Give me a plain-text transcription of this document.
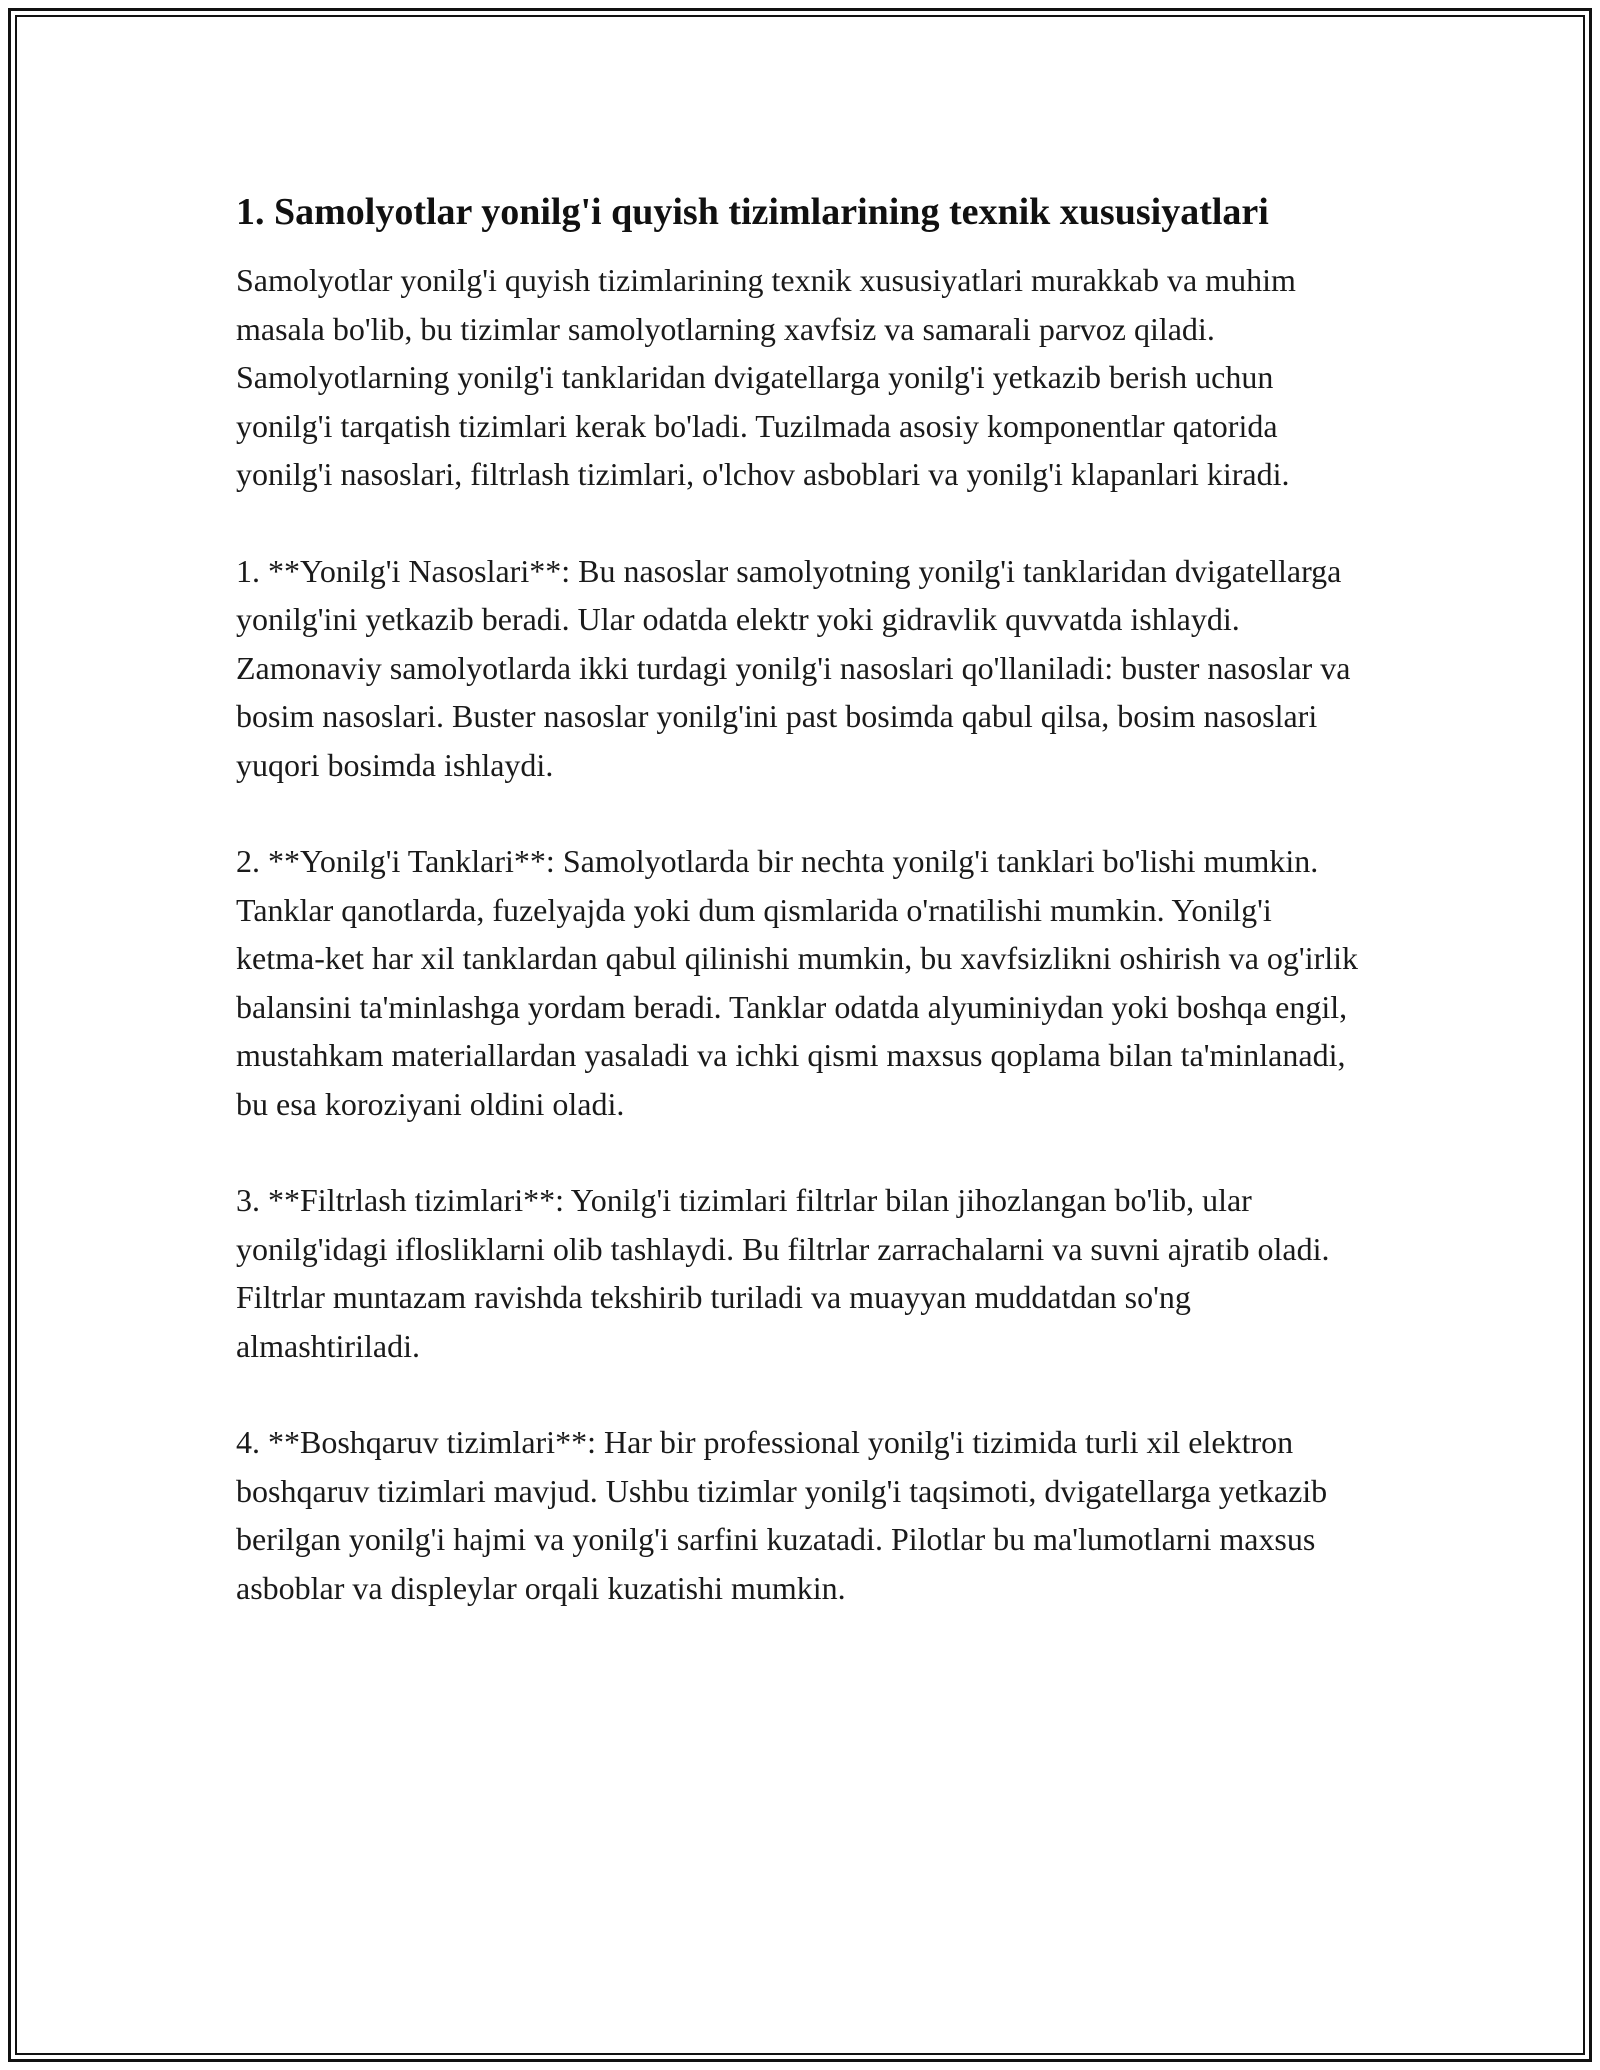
1. Samolyotlar yonilg'i quyish tizimlarining texnik xususiyatlari

Samolyotlar yonilg'i quyish tizimlarining texnik xususiyatlari murakkab va muhim masala bo'lib, bu tizimlar samolyotlarning xavfsiz va samarali parvoz qiladi. Samolyotlarning yonilg'i tanklaridan dvigatellarga yonilg'i yetkazib berish uchun yonilg'i tarqatish tizimlari kerak bo'ladi. Tuzilmada asosiy komponentlar qatorida yonilg'i nasoslari, filtrlash tizimlari, o'lchov asboblari va yonilg'i klapanlari kiradi.

1. **Yonilg'i Nasoslari**: Bu nasoslar samolyotning yonilg'i tanklaridan dvigatellarga yonilg'ini yetkazib beradi. Ular odatda elektr yoki gidravlik quvvatda ishlaydi. Zamonaviy samolyotlarda ikki turdagi yonilg'i nasoslari qo'llaniladi: buster nasoslar va bosim nasoslari. Buster nasoslar yonilg'ini past bosimda qabul qilsa, bosim nasoslari yuqori bosimda ishlaydi.

2. **Yonilg'i Tanklari**: Samolyotlarda bir nechta yonilg'i tanklari bo'lishi mumkin. Tanklar qanotlarda, fuzelyajda yoki dum qismlarida o'rnatilishi mumkin. Yonilg'i ketma-ket har xil tanklardan qabul qilinishi mumkin, bu xavfsizlikni oshirish va og'irlik balansini ta'minlashga yordam beradi. Tanklar odatda alyuminiydan yoki boshqa engil, mustahkam materiallardan yasaladi va ichki qismi maxsus qoplama bilan ta'minlanadi, bu esa koroziyani oldini oladi.

3. **Filtrlash tizimlari**: Yonilg'i tizimlari filtrlar bilan jihozlangan bo'lib, ular yonilg'idagi iflosliklarni olib tashlaydi. Bu filtrlar zarrachalarni va suvni ajratib oladi. Filtrlar muntazam ravishda tekshirib turiladi va muayyan muddatdan so'ng almashtiriladi.

4. **Boshqaruv tizimlari**: Har bir professional yonilg'i tizimida turli xil elektron boshqaruv tizimlari mavjud. Ushbu tizimlar yonilg'i taqsimoti, dvigatellarga yetkazib berilgan yonilg'i hajmi va yonilg'i sarfini kuzatadi. Pilotlar bu ma'lumotlarni maxsus asboblar va displeylar orqali kuzatishi mumkin.
